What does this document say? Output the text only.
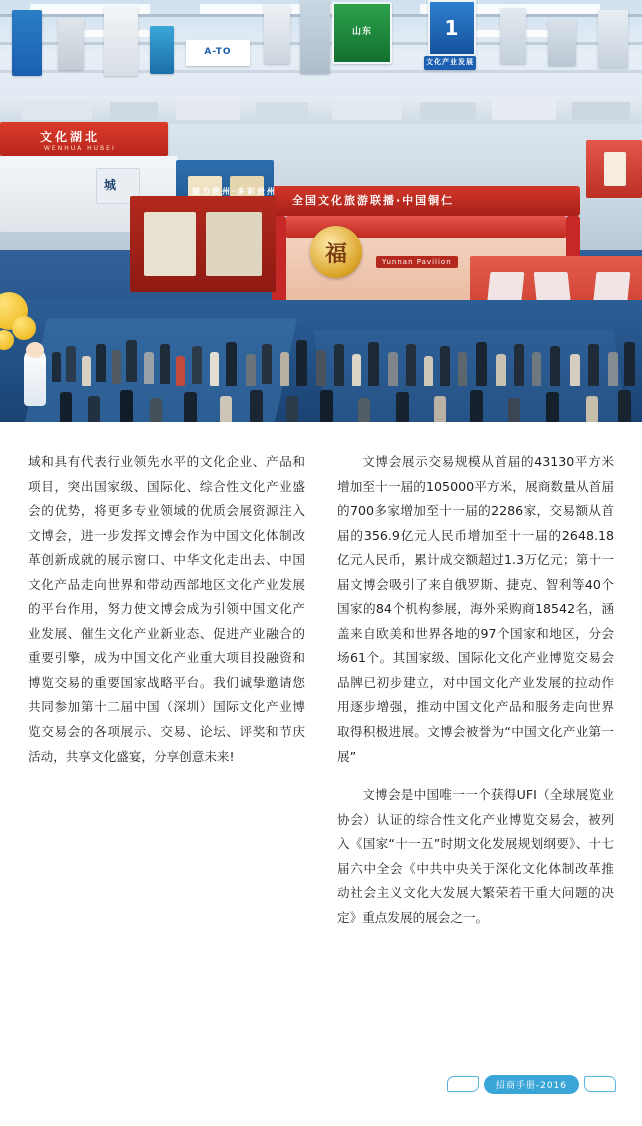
A-TO
山东	1
文化产业发展
文化湖北
WENHUA HUBEI
城
全国文化旅游联播·中国铜仁
福	Yunnan Pavilion
魅力贵州·多彩贵州

域和具有代表行业领先水平的文化企业、产品和项目，突出国家级、国际化、综合性文化产业盛会的优势，将更多专业领域的优质会展资源注入文博会，进一步发挥文博会作为中国文化体制改革创新成就的展示窗口、中华文化走出去、中国文化产品走向世界和带动西部地区文化产业发展的平台作用，努力使文博会成为引领中国文化产业发展、催生文化产业新业态、促进产业融合的重要引擎，成为中国文化产业重大项目投融资和博览交易的重要国家战略平台。我们诚挚邀请您共同参加第十二届中国（深圳）国际文化产业博览交易会的各项展示、交易、论坛、评奖和节庆活动，共享文化盛宴，分享创意未来!

文博会展示交易规模从首届的43130平方米增加至十一届的105000平方米，展商数量从首届的700多家增加至十一届的2286家，交易额从首届的356.9亿元人民币增加至十一届的2648.18亿元人民币，累计成交额超过1.3万亿元；第十一届文博会吸引了来自俄罗斯、捷克、智利等40个国家的84个机构参展，海外采购商18542名，涵盖来自欧美和世界各地的97个国家和地区，分会场61个。其国家级、国际化文化产业博览交易会品牌已初步建立，对中国文化产业发展的拉动作用逐步增强，推动中国文化产品和服务走向世界取得积极进展。文博会被誉为“中国文化产业第一展”

文博会是中国唯一一个获得UFI（全球展览业协会）认证的综合性文化产业博览交易会，被列入《国家“十一五”时期文化发展规划纲要》、十七届六中全会《中共中央关于深化文化体制改革推动社会主义文化大发展大繁荣若干重大问题的决定》重点发展的展会之一。

招商手册-2016
